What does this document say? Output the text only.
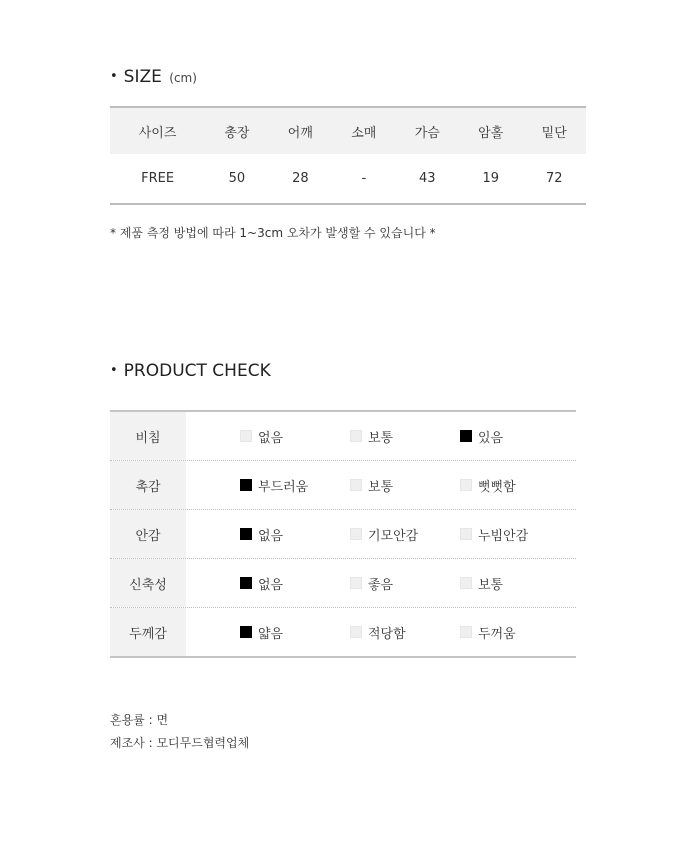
• SIZE (cm)
사이즈	총장	어깨	소매	가슴	암홀	밑단
FREE	50	28	-	43	19	72
* 제품 측정 방법에 따라 1~3cm 오차가 발생할 수 있습니다 *
• PRODUCT CHECK
비침	없음	보통	있음
촉감	부드러움	보통	뻣뻣함
안감	없음	기모안감	누빔안감
신축성	없음	좋음	보통
두께감	얇음	적당함	두꺼움
혼용률 : 면
제조사 : 모디무드협력업체
